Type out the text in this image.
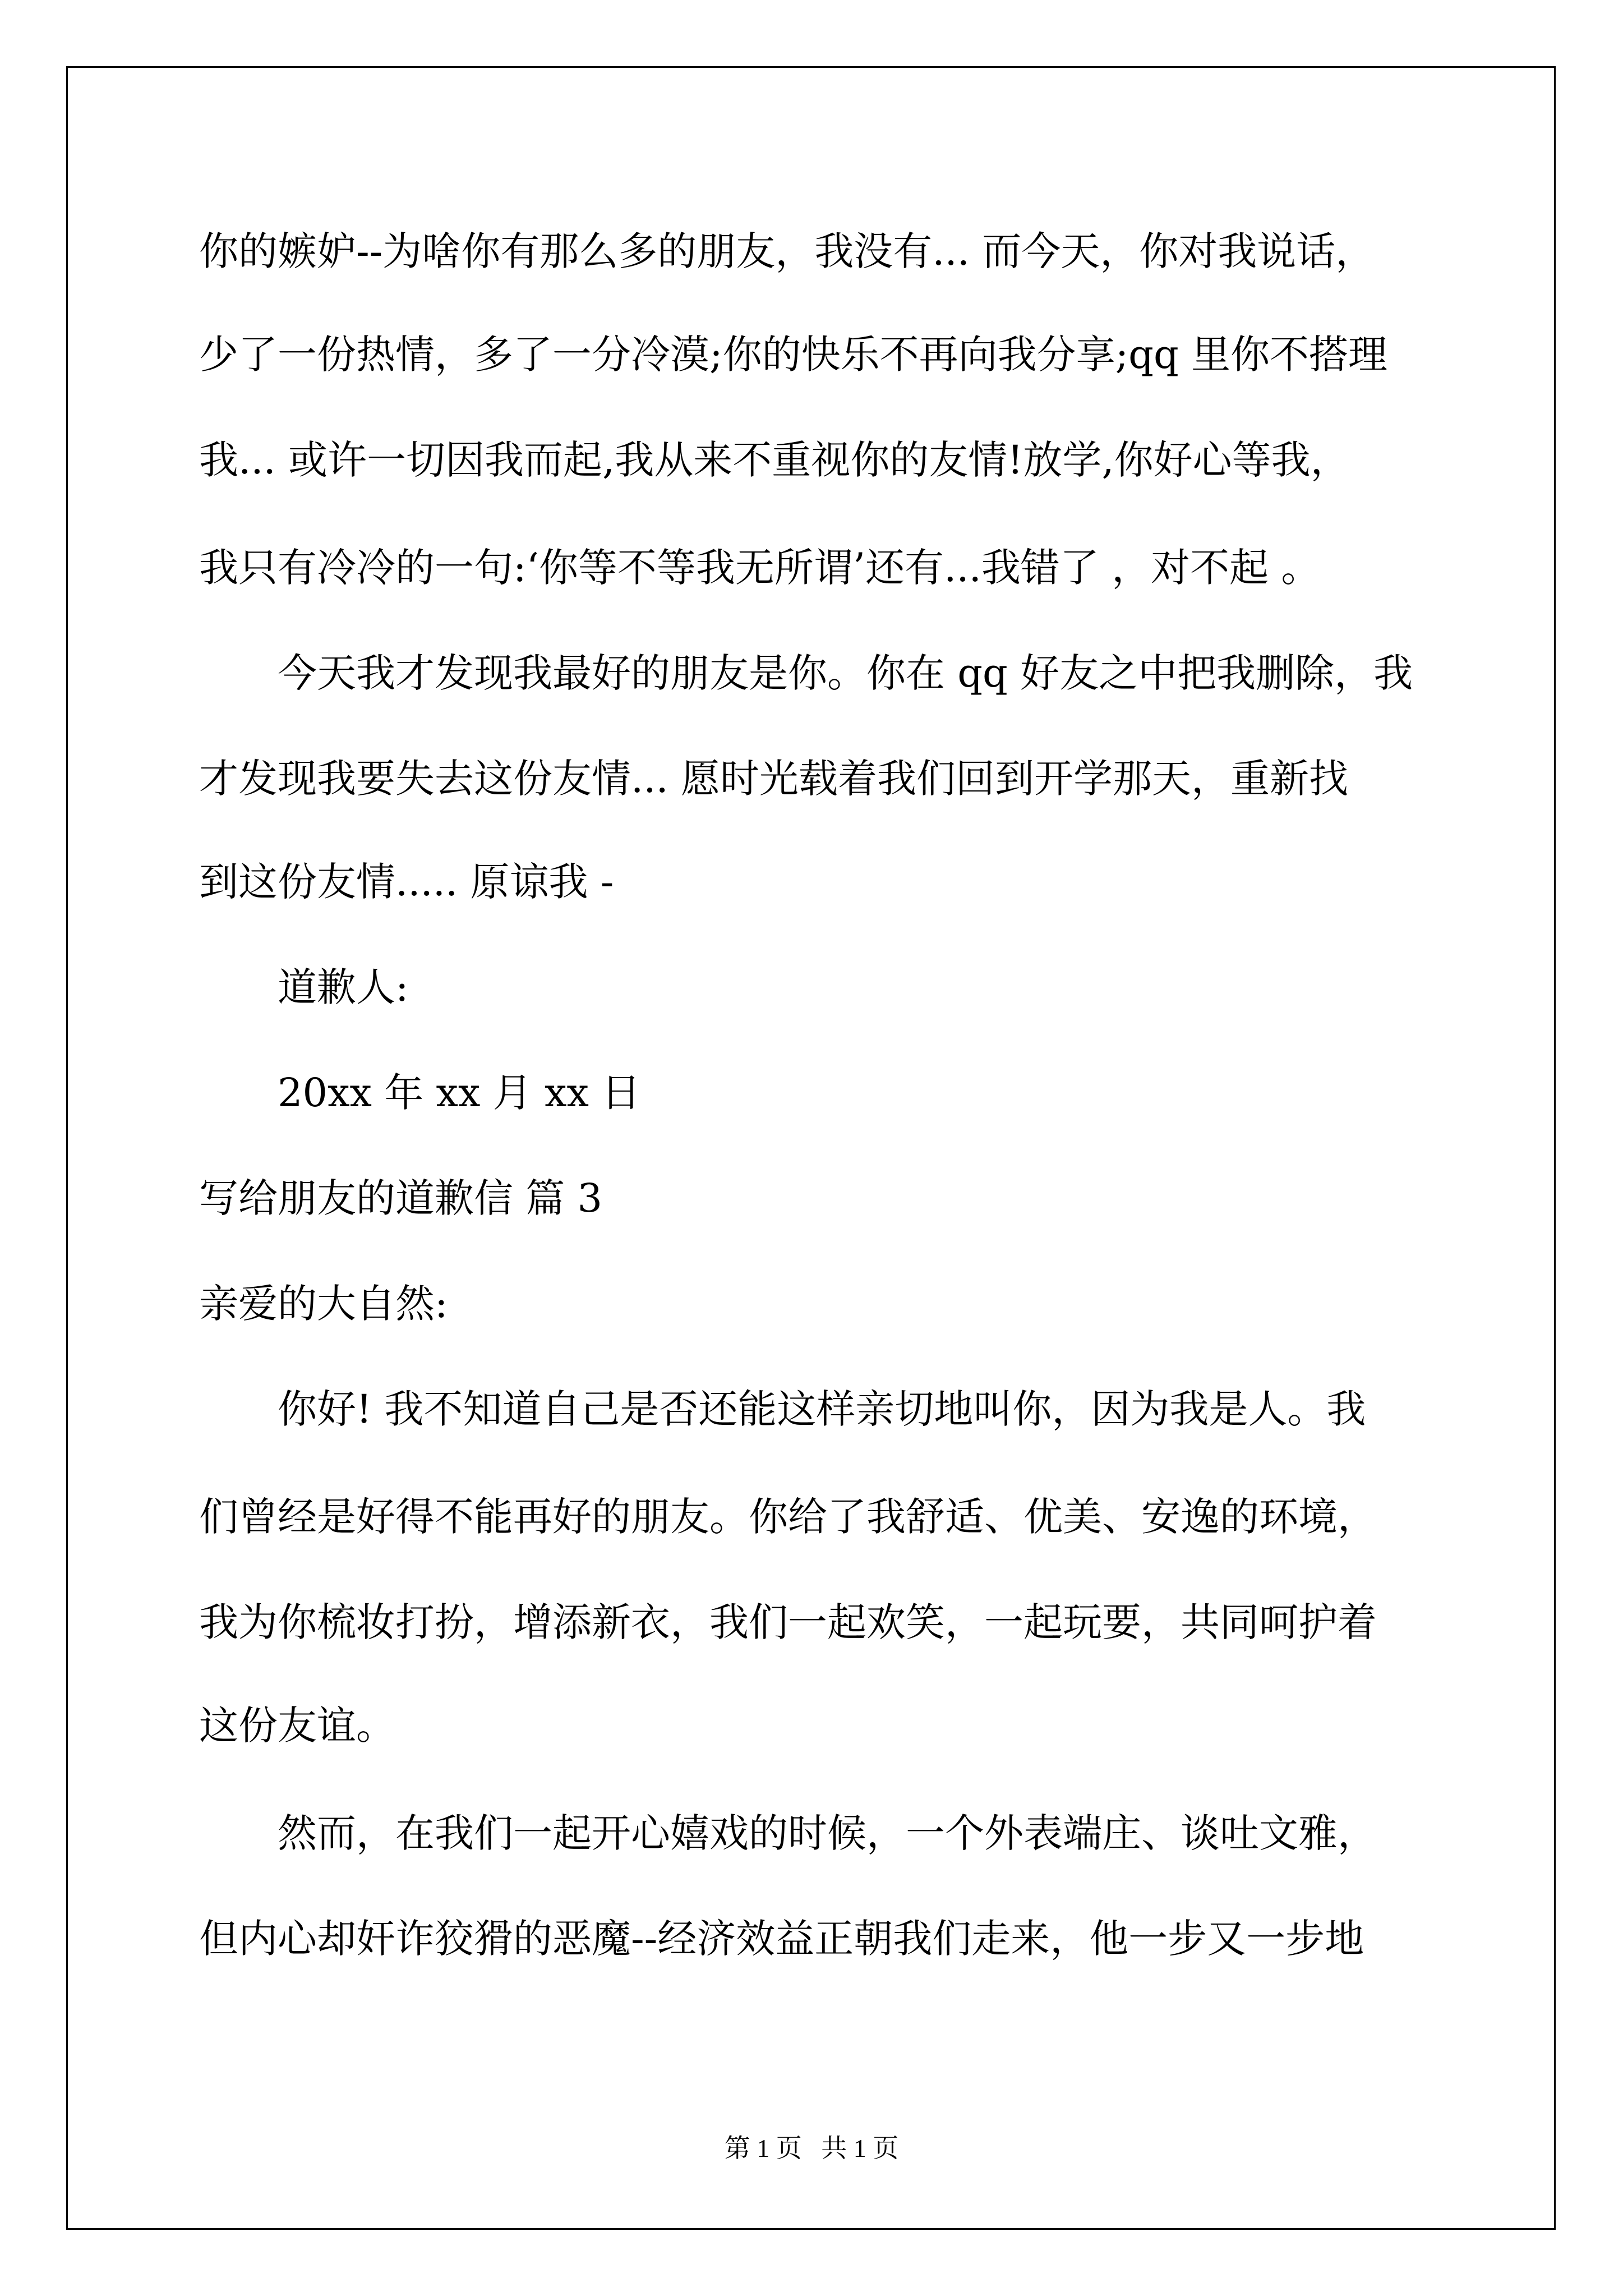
你的嫉妒--为啥你有那么多的朋友，我没有... 而今天，你对我说话，
少了一份热情，多了一分冷漠;你的快乐不再向我分享;qq 里你不搭理
我... 或许一切因我而起,我从来不重视你的友情!放学,你好心等我，
我只有冷冷的一句:‘你等不等我无所谓’还有...我错了 ，对不起 。
今天我才发现我最好的朋友是你。你在 qq 好友之中把我删除，我
才发现我要失去这份友情... 愿时光载着我们回到开学那天，重新找
到这份友情..... 原谅我 -
道歉人:
20xx 年 xx 月 xx 日
写给朋友的道歉信 篇 3
亲爱的大自然:
你好! 我不知道自己是否还能这样亲切地叫你，因为我是人。我
们曾经是好得不能再好的朋友。你给了我舒适、优美、安逸的环境，
我为你梳妆打扮，增添新衣，我们一起欢笑，一起玩要，共同呵护着
这份友谊。
然而，在我们一起开心嬉戏的时候，一个外表端庄、谈吐文雅，
但内心却奸诈狡猾的恶魔--经济效益正朝我们走来，他一步又一步地
第 1 页   共 1 页
